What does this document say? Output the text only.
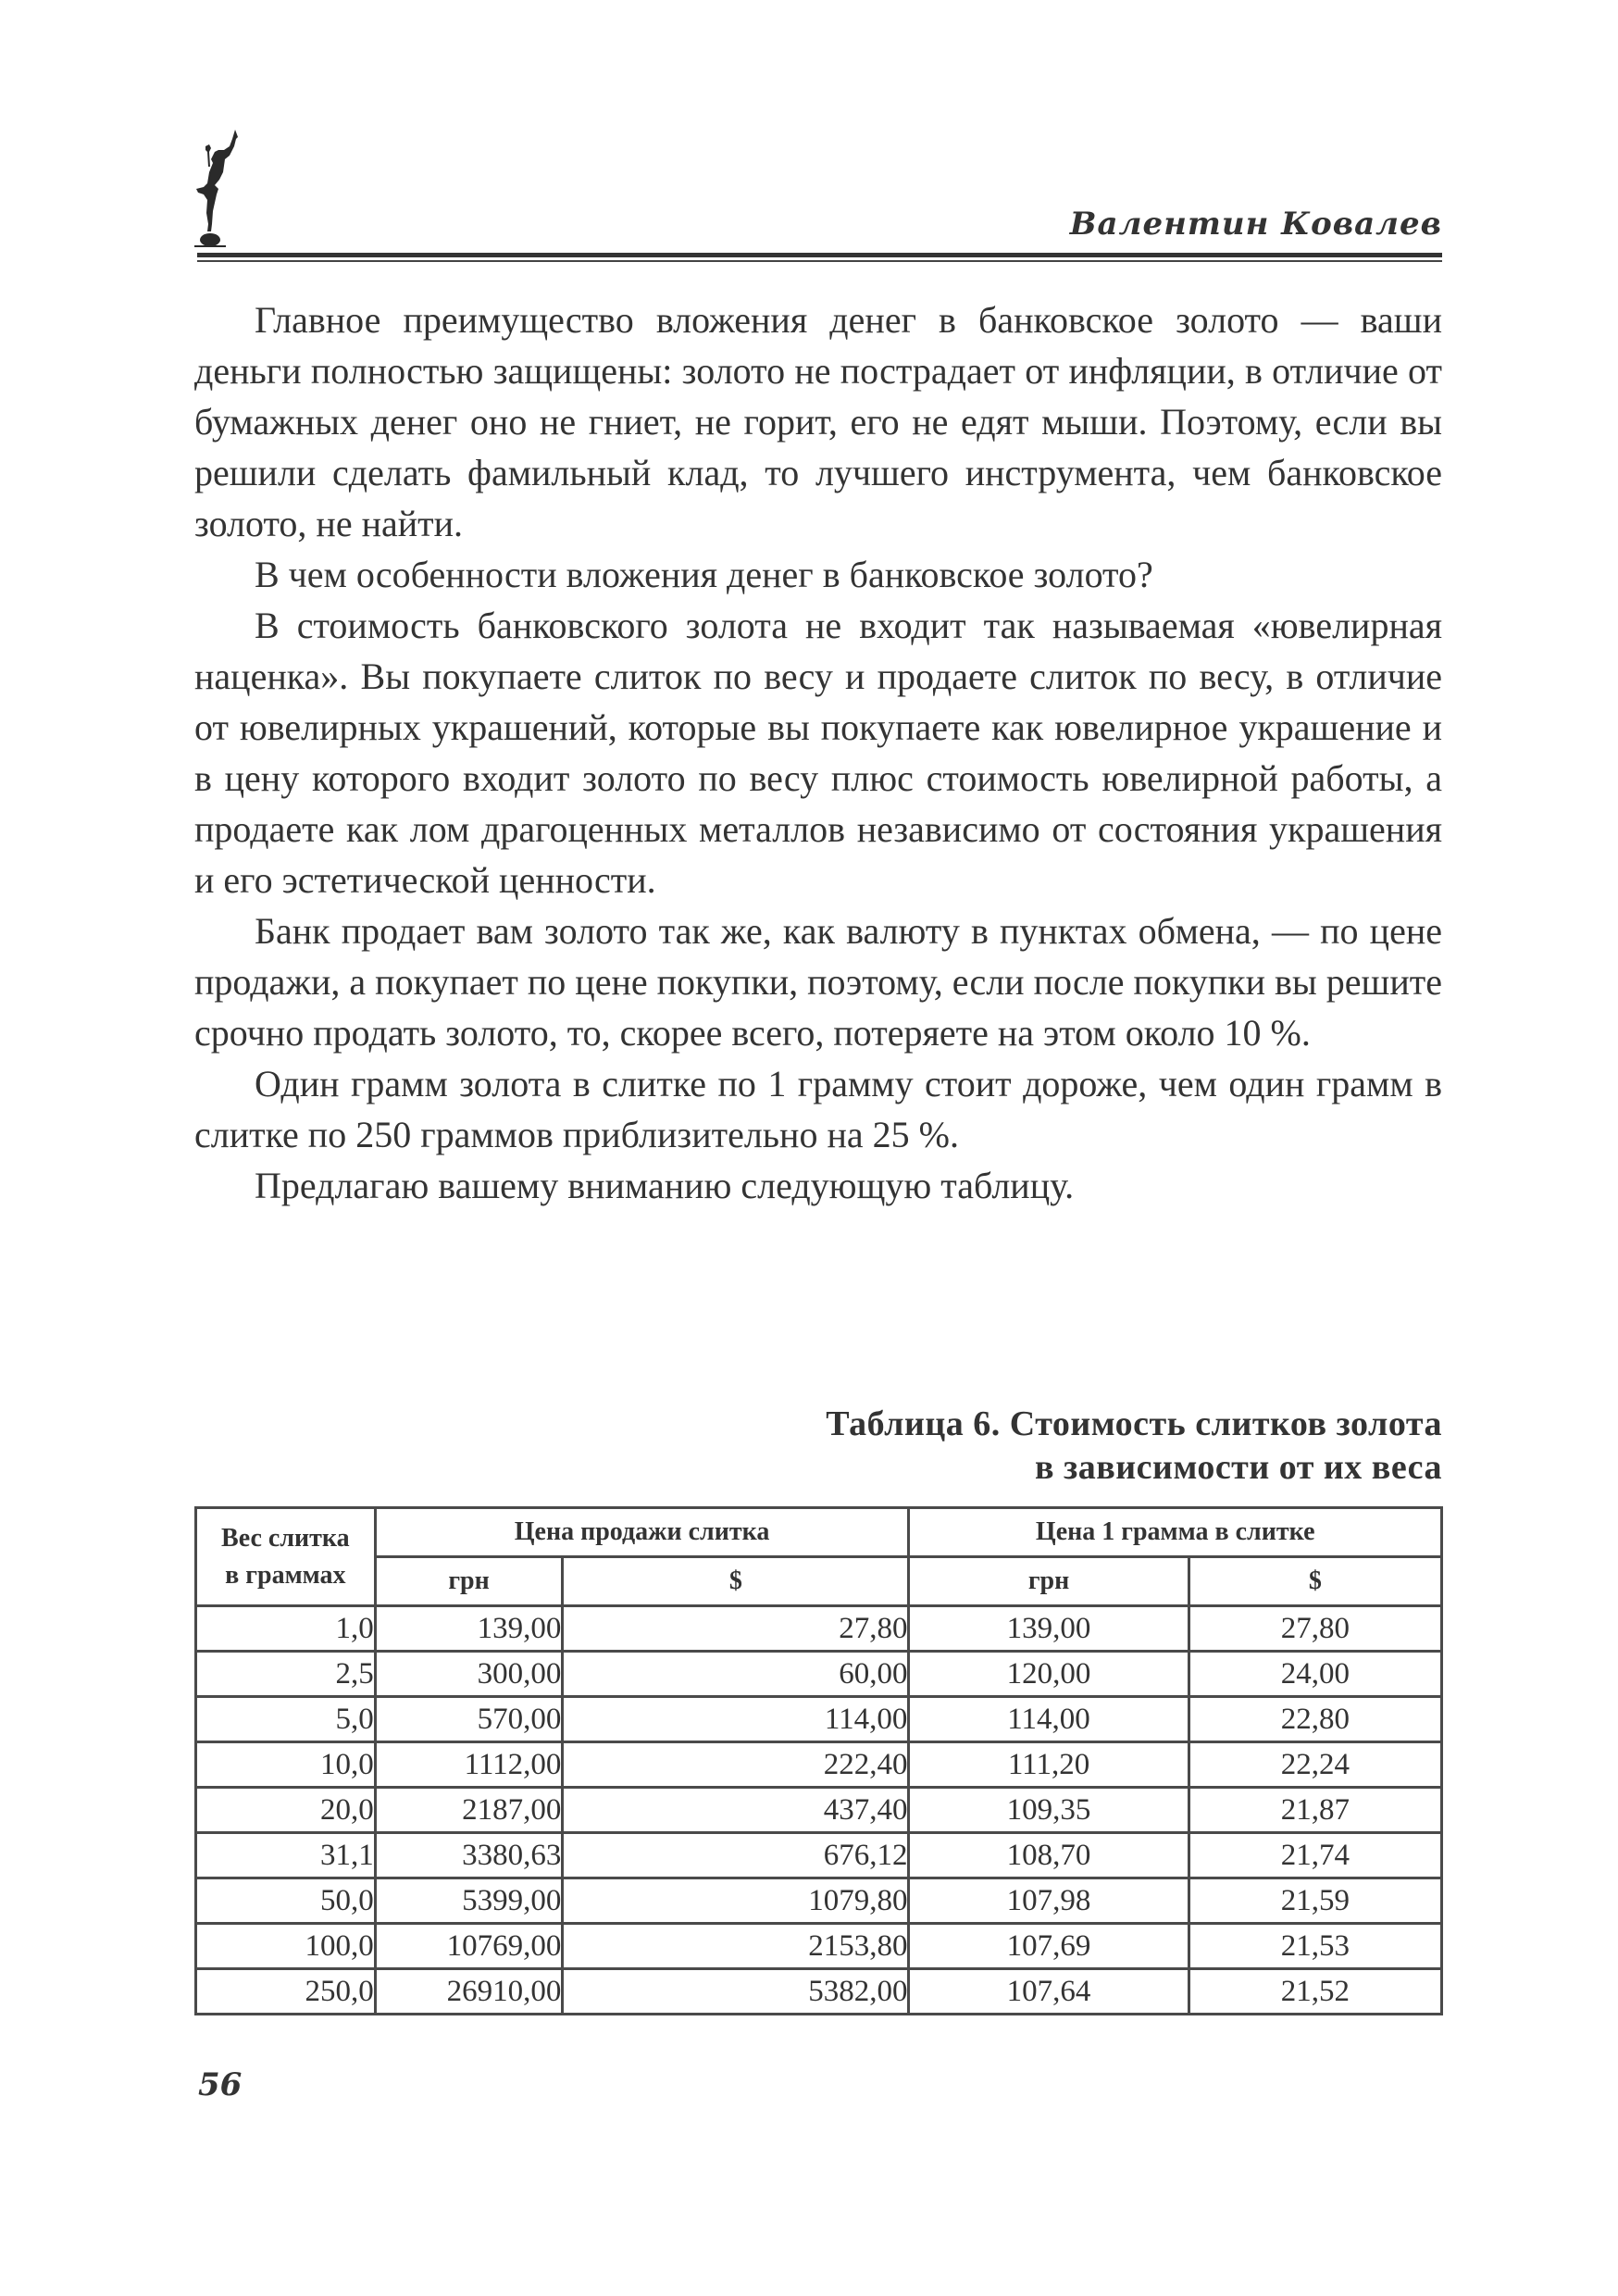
Валентин Ковалев

Главное преимущество вложения денег в банковское золото — ваши деньги полностью защищены: золото не пострадает от инфляции, в отличие от бумажных денег оно не гниет, не горит, его не едят мыши. Поэтому, если вы решили сделать фамильный клад, то лучшего инструмента, чем банковское золото, не найти.

В чем особенности вложения денег в банковское золото?

В стоимость банковского золота не входит так называемая «ювелирная наценка». Вы покупаете слиток по весу и продаете слиток по весу, в отличие от ювелирных украшений, которые вы покупаете как ювелирное украшение и в цену которого входит золото по весу плюс стоимость ювелирной работы, а продаете как лом драгоценных металлов независимо от состояния украшения и его эстетической ценности.

Банк продает вам золото так же, как валюту в пунктах обмена, — по цене продажи, а покупает по цене покупки, поэтому, если после покупки вы решите срочно продать золото, то, скорее всего, потеряете на этом около 10 %.

Один грамм золота в слитке по 1 грамму стоит дороже, чем один грамм в слитке по 250 граммов приблизительно на 25 %.

Предлагаю вашему вниманию следующую таблицу.

Таблица 6. Стоимость слитков золота
в зависимости от их веса
Вес слитка
в граммах	Цена продажи слитка		Цена 1 грамма в слитке	
	грн	$	грн	$
1,0	139,00	27,80	139,00	27,80
2,5	300,00	60,00	120,00	24,00
5,0	570,00	114,00	114,00	22,80
10,0	1112,00	222,40	111,20	22,24
20,0	2187,00	437,40	109,35	21,87
31,1	3380,63	676,12	108,70	21,74
50,0	5399,00	1079,80	107,98	21,59
100,0	10769,00	2153,80	107,69	21,53
250,0	26910,00	5382,00	107,64	21,52
56
